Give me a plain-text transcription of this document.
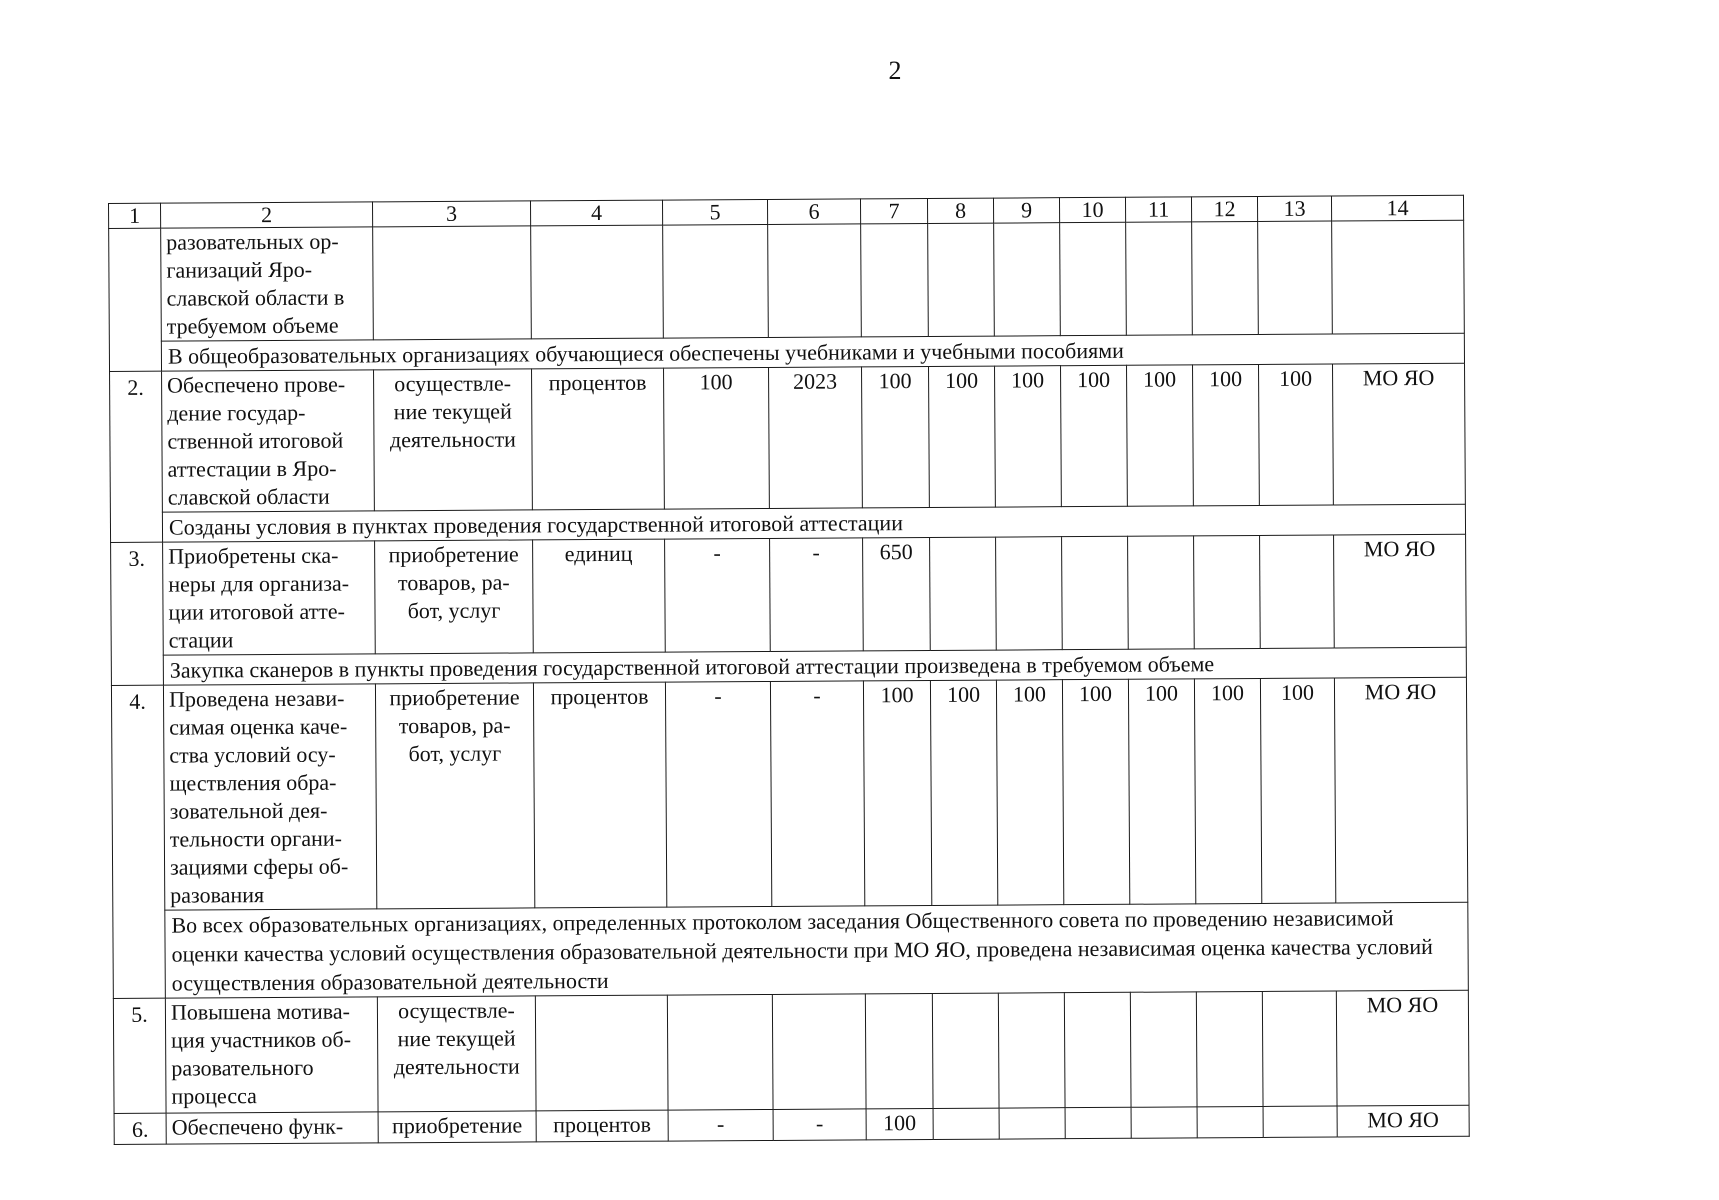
2
1	2	3	4	5	6	7	8	9	10	11	12	13	14
	разовательных ор-ганизаций Яро-славской области в требуемом объеме												
	В общеобразовательных организациях обучающиеся обеспечены учебниками и учебными пособиями												
2.	Обеспечено прове-дение государ-ственной итоговой аттестации в Яро-славской области	осуществле-ние текущей деятельности	процентов	100	2023	100	100	100	100	100	100	100	МО ЯО
	Созданы условия в пунктах проведения государственной итоговой аттестации												
3.	Приобретены ска-неры для организа-ции итоговой атте-стации	приобретение товаров, ра-бот, услуг	единиц	-	-	650							МО ЯО
	Закупка сканеров в пункты проведения государственной итоговой аттестации произведена в требуемом объеме												
4.	Проведена незави-симая оценка каче-ства условий осу-ществления обра-зовательной дея-тельности органи-зациями сферы об-разования	приобретение товаров, ра-бот, услуг	процентов	-	-	100	100	100	100	100	100	100	МО ЯО
	Во всех образовательных организациях, определенных протоколом заседания Общественного совета по проведению независимой оценки качества условий осуществления образовательной деятельности при МО ЯО, проведена независимая оценка качества условий осуществления образовательной деятельности												
5.	Повышена мотива-ция участников об-разовательного процесса	осуществле-ние текущей деятельности											МО ЯО
6.	Обеспечено функ-	приобретение	процентов	-	-	100							МО ЯО
